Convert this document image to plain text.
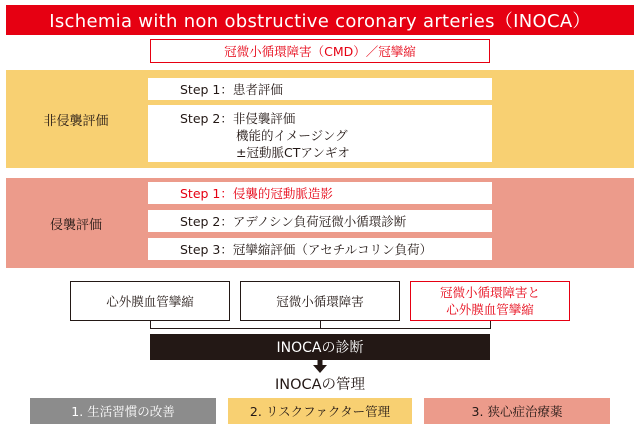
Ischemia with non obstructive coronary arteries（INOCA）
冠微小循環障害（CMD）／冠攣縮
非侵襲評価
Step 1：患者評価
Step 2：非侵襲評価
機能的イメージング
±冠動脈CTアンギオ
侵襲評価
Step 1：侵襲的冠動脈造影
Step 2：アデノシン負荷冠微小循環診断
Step 3：冠攣縮評価（アセチルコリン負荷）
心外膜血管攣縮	冠微小循環障害
冠微小循環障害と
心外膜血管攣縮
INOCAの診断
INOCAの管理
1. 生活習慣の改善	2. リスクファクター管理	3. 狭心症治療薬
